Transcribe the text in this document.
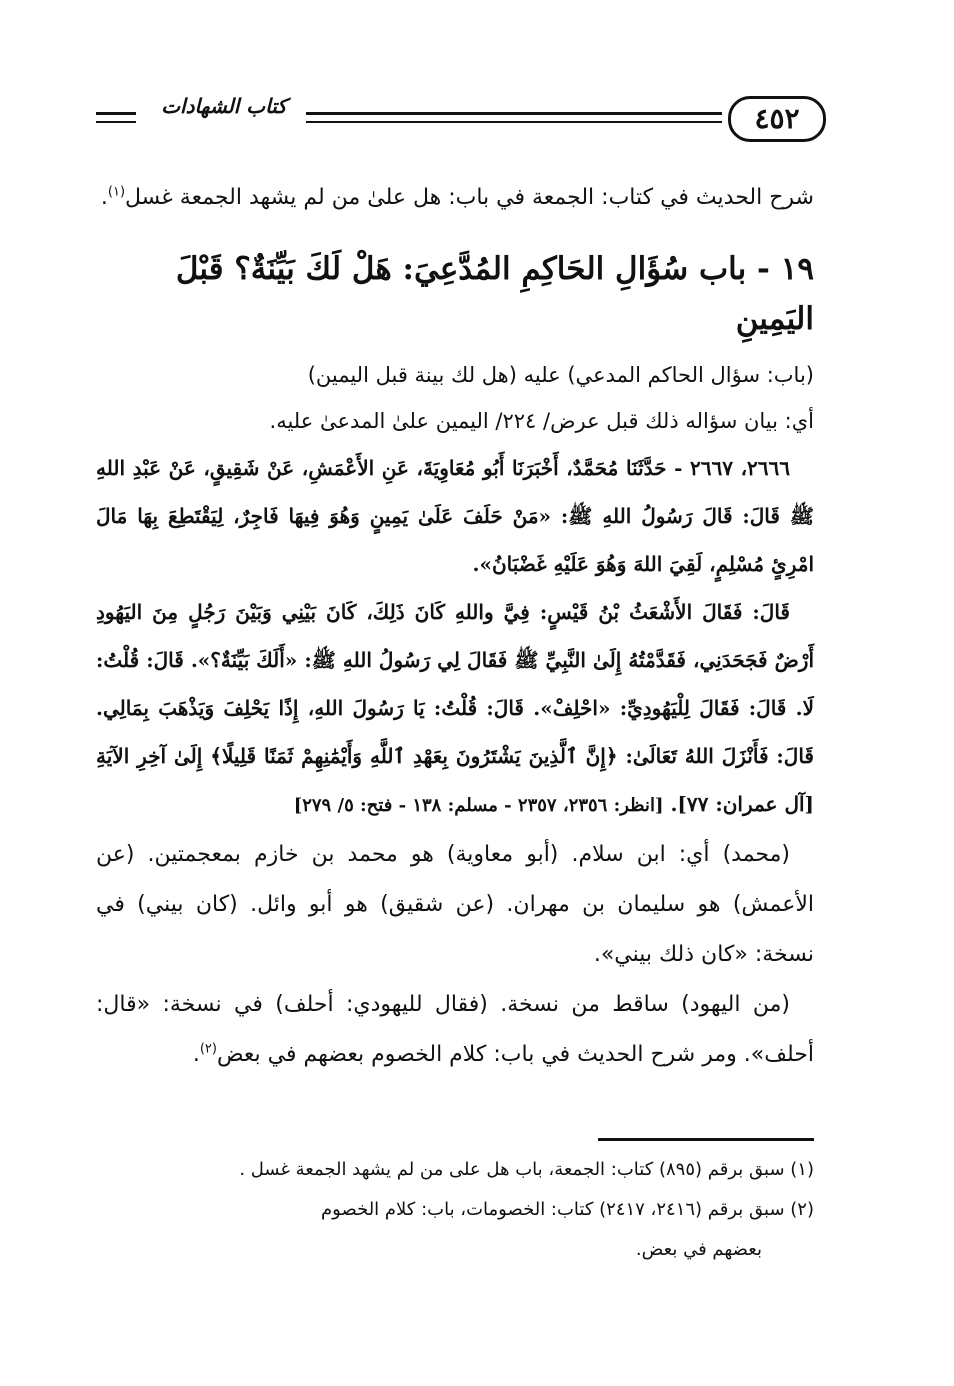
كتاب الشهادات	٤٥٢

شرح الحديث في كتاب: الجمعة في باب: هل علىٰ من لم يشهد الجمعة غسل$^{(١)}$.

١٩ - باب سُؤَالِ الحَاكِمِ المُدَّعِيَ: هَلْ لَكَ بَيِّنَةٌ؟ قَبْلَ اليَمِينِ

(باب: سؤال الحاكم المدعي) عليه (هل لك بينة قبل اليمين)

أي: بيان سؤاله ذلك قبل عرض/ ٢٢٤/ اليمين علىٰ المدعىٰ عليه.

٢٦٦٦، ٢٦٦٧ - حَدَّثَنَا مُحَمَّدٌ، أَخْبَرَنَا أَبُو مُعَاوِيَةَ، عَنِ الأَعْمَشِ، عَنْ شَقِيقٍ، عَنْ عَبْدِ اللهِ ﷺ قَالَ: قَالَ رَسُولُ اللهِ ﷺ: «مَنْ حَلَفَ عَلَىٰ يَمِينٍ وَهُوَ فِيهَا فَاجِرٌ، لِيَقْتَطِعَ بِهَا مَالَ امْرِئٍ مُسْلِمٍ، لَقِيَ اللهَ وَهُوَ عَلَيْهِ غَضْبَانُ».

قَالَ: فَقَالَ الأَشْعَثُ بْنُ قَيْسٍ: فِيَّ واللهِ كَانَ ذَلِكَ، كَانَ بَيْنِي وَبَيْنَ رَجُلٍ مِنَ اليَهُودِ أَرْضٌ فَجَحَدَنِي، فَقَدَّمْتُهُ إِلَىٰ النَّبِيِّ ﷺ فَقَالَ لِي رَسُولُ اللهِ ﷺ: «أَلَكَ بَيِّنَةٌ؟». قَالَ: قُلْتُ: لَا. قَالَ: فَقَالَ لِلْيَهُودِيِّ: «احْلِفْ». قَالَ: قُلْتُ: يَا رَسُولَ اللهِ، إِذًا يَحْلِفَ وَيَذْهَبَ بِمَالِي. قَالَ: فَأَنْزَلَ اللهُ تَعَالَىٰ: ﴿إِنَّ ٱلَّذِينَ يَشْتَرُونَ بِعَهْدِ ٱللَّهِ وَأَيْمَٰنِهِمْ ثَمَنًا قَلِيلًا﴾ إِلَىٰ آخِرِ الآيَةِ [آل عمران: ٧٧]. [انظر: ٢٣٥٦، ٢٣٥٧ - مسلم: ١٣٨ - فتح: ٥/ ٢٧٩]

(محمد) أي: ابن سلام. (أبو معاوية) هو محمد بن خازم بمعجمتين. (عن الأعمش) هو سليمان بن مهران. (عن شقيق) هو أبو وائل. (كان بيني) في نسخة: «كان ذلك بيني».

(من اليهود) ساقط من نسخة. (فقال لليهودي: أحلف) في نسخة: «قال: أحلف». ومر شرح الحديث في باب: كلام الخصوم بعضهم في بعض$^{(٢)}$.

(١) سبق برقم (٨٩٥) كتاب: الجمعة، باب هل على من لم يشهد الجمعة غسل .

(٢) سبق برقم (٢٤١٦، ٢٤١٧) كتاب: الخصومات، باب: كلام الخصوم

بعضهم في بعض.
